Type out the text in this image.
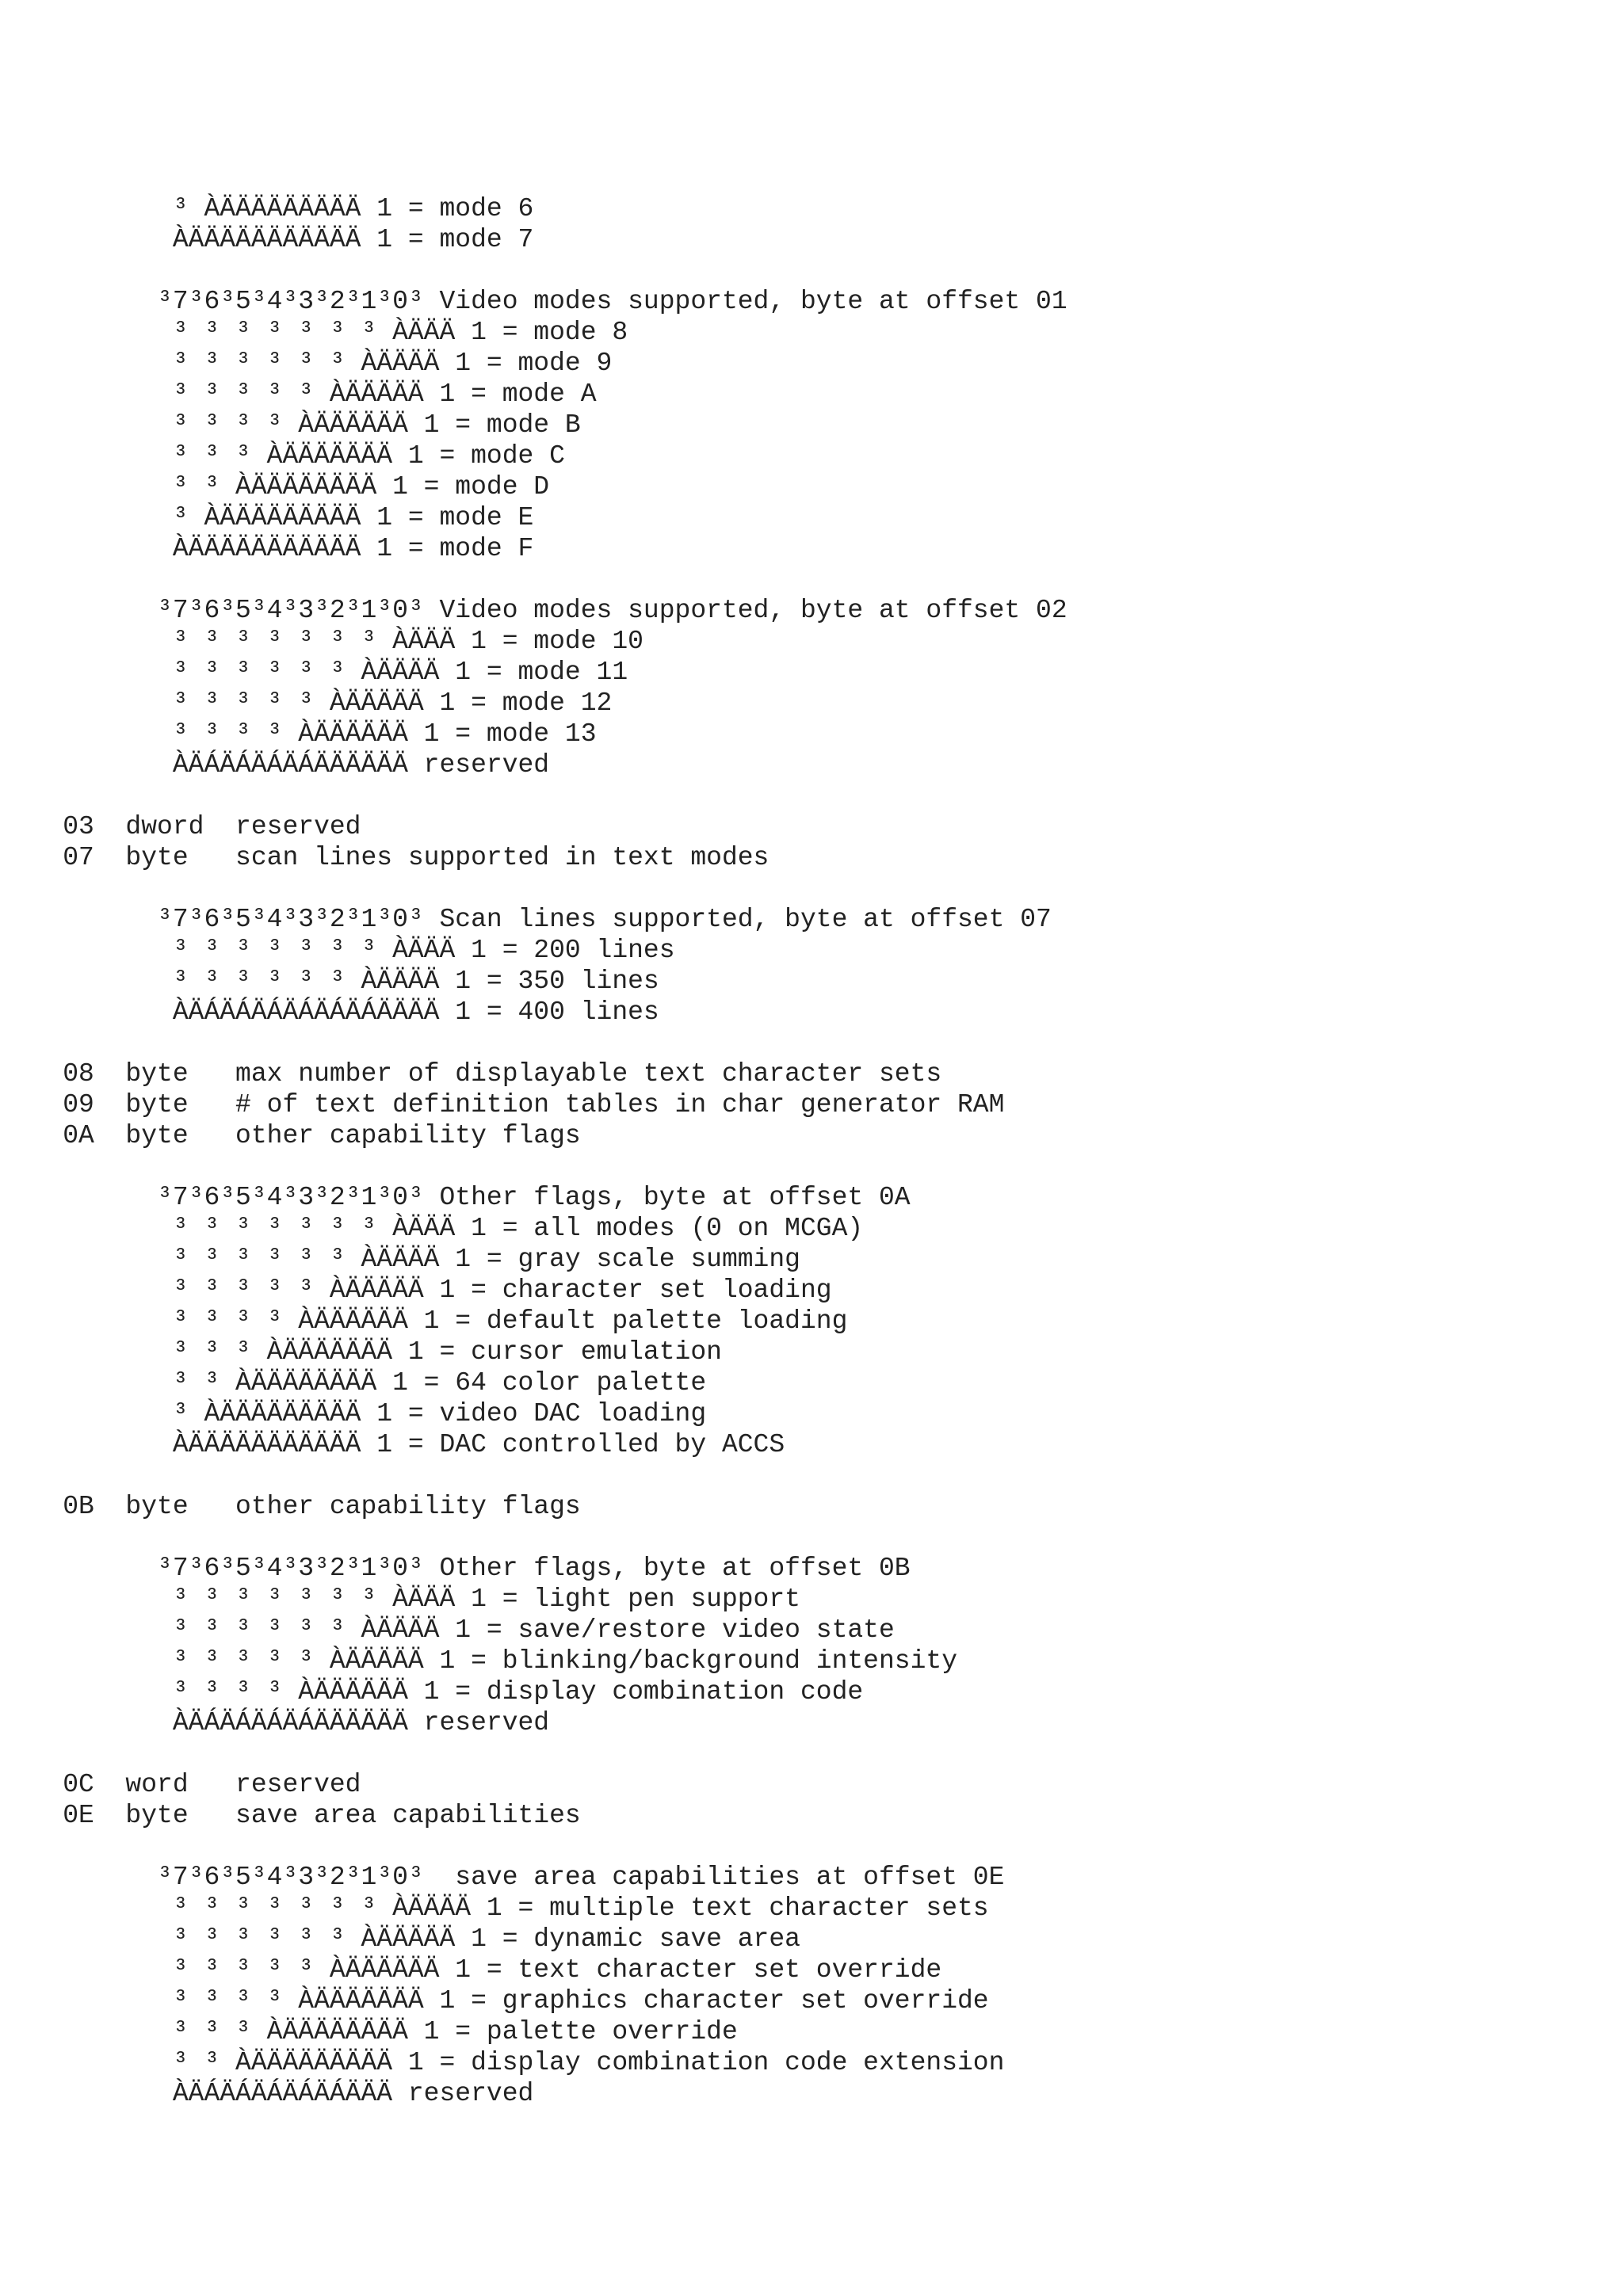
³ ÀÄÄÄÄÄÄÄÄÄ 1 = mode 6
ÀÄÄÄÄÄÄÄÄÄÄÄ 1 = mode 7
³7³6³5³4³3³2³1³0³ Video modes supported, byte at offset 01
³ ³ ³ ³ ³ ³ ³ ÀÄÄÄ 1 = mode 8
³ ³ ³ ³ ³ ³ ÀÄÄÄÄ 1 = mode 9
³ ³ ³ ³ ³ ÀÄÄÄÄÄ 1 = mode A
³ ³ ³ ³ ÀÄÄÄÄÄÄ 1 = mode B
³ ³ ³ ÀÄÄÄÄÄÄÄ 1 = mode C
³ ³ ÀÄÄÄÄÄÄÄÄ 1 = mode D
³ ÀÄÄÄÄÄÄÄÄÄ 1 = mode E
ÀÄÄÄÄÄÄÄÄÄÄÄ 1 = mode F
³7³6³5³4³3³2³1³0³ Video modes supported, byte at offset 02
³ ³ ³ ³ ³ ³ ³ ÀÄÄÄ 1 = mode 10
³ ³ ³ ³ ³ ³ ÀÄÄÄÄ 1 = mode 11
³ ³ ³ ³ ³ ÀÄÄÄÄÄ 1 = mode 12
³ ³ ³ ³ ÀÄÄÄÄÄÄ 1 = mode 13
ÀÄÁÄÁÄÁÄÁÄÄÄÄÄÄ reserved
03  dword  reserved
07  byte   scan lines supported in text modes
³7³6³5³4³3³2³1³0³ Scan lines supported, byte at offset 07
³ ³ ³ ³ ³ ³ ³ ÀÄÄÄ 1 = 200 lines
³ ³ ³ ³ ³ ³ ÀÄÄÄÄ 1 = 350 lines
ÀÄÁÄÁÄÁÄÁÄÁÄÁÄÄÄÄ 1 = 400 lines
08  byte   max number of displayable text character sets
09  byte   # of text definition tables in char generator RAM
0A  byte   other capability flags
³7³6³5³4³3³2³1³0³ Other flags, byte at offset 0A
³ ³ ³ ³ ³ ³ ³ ÀÄÄÄ 1 = all modes (0 on MCGA)
³ ³ ³ ³ ³ ³ ÀÄÄÄÄ 1 = gray scale summing
³ ³ ³ ³ ³ ÀÄÄÄÄÄ 1 = character set loading
³ ³ ³ ³ ÀÄÄÄÄÄÄ 1 = default palette loading
³ ³ ³ ÀÄÄÄÄÄÄÄ 1 = cursor emulation
³ ³ ÀÄÄÄÄÄÄÄÄ 1 = 64 color palette
³ ÀÄÄÄÄÄÄÄÄÄ 1 = video DAC loading
ÀÄÄÄÄÄÄÄÄÄÄÄ 1 = DAC controlled by ACCS
0B  byte   other capability flags
³7³6³5³4³3³2³1³0³ Other flags, byte at offset 0B
³ ³ ³ ³ ³ ³ ³ ÀÄÄÄ 1 = light pen support
³ ³ ³ ³ ³ ³ ÀÄÄÄÄ 1 = save/restore video state
³ ³ ³ ³ ³ ÀÄÄÄÄÄ 1 = blinking/background intensity
³ ³ ³ ³ ÀÄÄÄÄÄÄ 1 = display combination code
ÀÄÁÄÁÄÁÄÁÄÄÄÄÄÄ reserved
0C  word   reserved
0E  byte   save area capabilities
³7³6³5³4³3³2³1³0³  save area capabilities at offset 0E
³ ³ ³ ³ ³ ³ ³ ÀÄÄÄÄ 1 = multiple text character sets
³ ³ ³ ³ ³ ³ ÀÄÄÄÄÄ 1 = dynamic save area
³ ³ ³ ³ ³ ÀÄÄÄÄÄÄ 1 = text character set override
³ ³ ³ ³ ÀÄÄÄÄÄÄÄ 1 = graphics character set override
³ ³ ³ ÀÄÄÄÄÄÄÄÄ 1 = palette override
³ ³ ÀÄÄÄÄÄÄÄÄÄ 1 = display combination code extension
ÀÄÁÄÁÄÁÄÁÄÁÄÄÄ reserved
